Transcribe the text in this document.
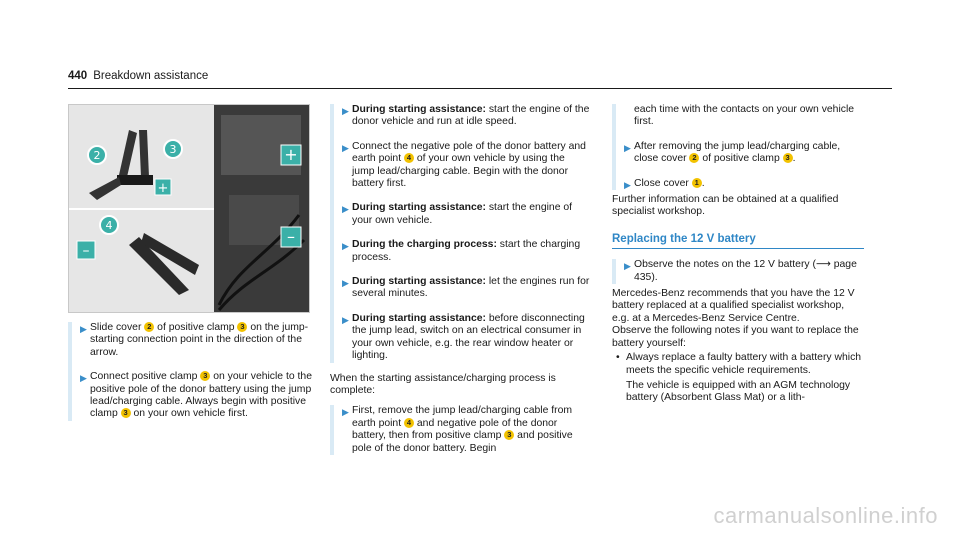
440 Breakdown assistance
+
–
+
2	3
–
4
▶ Slide cover 2 of positive clamp 3 on the jump-starting connection point in the direction of the arrow.

▶ Connect positive clamp 3 on your vehicle to the positive pole of the donor battery using the jump lead/charging cable. Always begin with positive clamp 3 on your own vehicle first.

▶ During starting assistance: start the engine of the donor vehicle and run at idle speed.

▶ Connect the negative pole of the donor battery and earth point 4 of your own vehicle by using the jump lead/charging cable. Begin with the donor battery first.

▶ During starting assistance: start the engine of your own vehicle.

▶ During the charging process: start the charging process.

▶ During starting assistance: let the engines run for several minutes.

▶ During starting assistance: before disconnecting the jump lead, switch on an electrical consumer in your own vehicle, e.g. the rear window heater or lighting.

When the starting assistance/charging process is complete:

▶ First, remove the jump lead/charging cable from earth point 4 and negative pole of the donor battery, then from positive clamp 3 and positive pole of the donor battery. Begin

each time with the contacts on your own vehicle first.

▶ After removing the jump lead/charging cable, close cover 2 of positive clamp 3 .

▶ Close cover 1 .

Further information can be obtained at a qualified specialist workshop.

Replacing the 12 V battery
▶ Observe the notes on the 12 V battery (⟶ page 435).

Mercedes-Benz recommends that you have the 12 V battery replaced at a qualified specialist workshop, e.g. at a Mercedes-Benz Service Centre.

Observe the following notes if you want to replace the battery yourself:

• Always replace a faulty battery with a battery which meets the specific vehicle requirements.

The vehicle is equipped with an AGM technology battery (Absorbent Glass Mat) or a lith-

carmanualsonline.info
